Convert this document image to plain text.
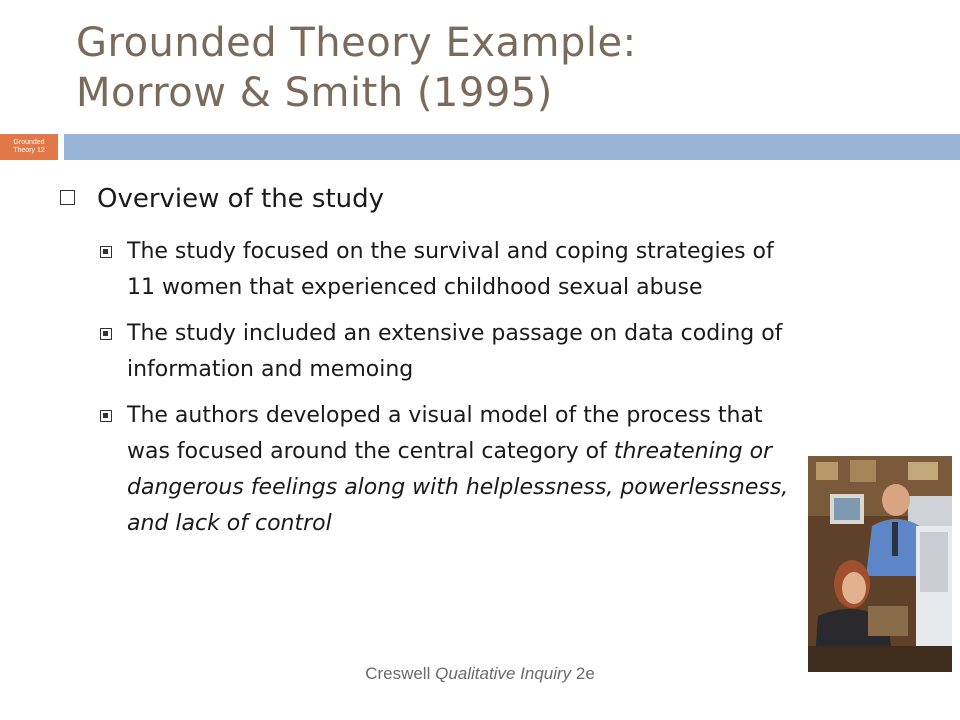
Grounded Theory Example:
Morrow & Smith (1995)
Grounded
Theory 12
Overview of the study
The study focused on the survival and coping strategies of 11 women that experienced childhood sexual abuse
The study included an extensive passage on data coding of information and memoing
The authors developed a visual model of the process that was focused around the central category of threatening or dangerous feelings along with helplessness, powerlessness, and lack of control
Creswell Qualitative Inquiry 2e
